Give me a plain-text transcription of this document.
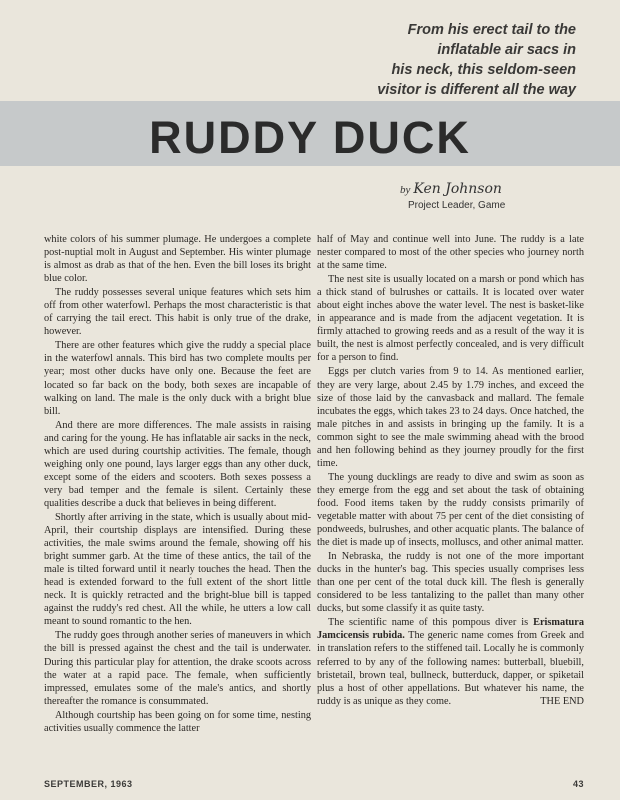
From his erect tail to the
inflatable air sacs in
his neck, this seldom-seen
visitor is different all the way
RUDDY DUCK
by Ken Johnson
Project Leader, Game

white colors of his summer plumage. He undergoes a complete post-nuptial molt in August and September. His winter plumage is almost as drab as that of the hen. Even the bill loses its bright blue color.

The ruddy possesses several unique features which sets him off from other waterfowl. Perhaps the most characteristic is that of carrying the tail erect. This habit is only true of the drake, however.

There are other features which give the ruddy a special place in the waterfowl annals. This bird has two complete moults per year; most other ducks have only one. Because the feet are located so far back on the body, both sexes are incapable of walking on land. The male is the only duck with a bright blue bill.

And there are more differences. The male assists in raising and caring for the young. He has inflatable air sacks in the neck, which are used during courtship activities. The female, though weighing only one pound, lays larger eggs than any other duck, except some of the eiders and scooters. Both sexes possess a very bad temper and the female is silent. Certainly these qualities describe a duck that believes in being different.

Shortly after arriving in the state, which is usually about mid-April, their courtship displays are intensified. During these activities, the male swims around the female, showing off his bright summer garb. At the time of these antics, the tail of the male is tilted forward until it nearly touches the head. Then the head is extended forward to the full extent of the short little neck. It is quickly retracted and the bright-blue bill is tapped against the ruddy's red chest. All the while, he utters a low call meant to sound romantic to the hen.

The ruddy goes through another series of maneuvers in which the bill is pressed against the chest and the tail is underwater. During this particular play for attention, the drake scoots across the water at a rapid pace. The female, when sufficiently impressed, emulates some of the male's antics, and shortly thereafter the romance is consummated.

Although courtship has been going on for some time, nesting activities usually commence the latter

half of May and continue well into June. The ruddy is a late nester compared to most of the other species who journey north at the same time.

The nest site is usually located on a marsh or pond which has a thick stand of bulrushes or cattails. It is located over water about eight inches above the water level. The nest is basket-like in appearance and is made from the adjacent vegetation. It is firmly attached to growing reeds and as a result of the way it is built, the nest is almost perfectly concealed, and is very difficult for a person to find.

Eggs per clutch varies from 9 to 14. As mentioned earlier, they are very large, about 2.45 by 1.79 inches, and exceed the size of those laid by the canvasback and mallard. The female incubates the eggs, which takes 23 to 24 days. Once hatched, the male pitches in and assists in bringing up the family. It is a common sight to see the male swimming ahead with the brood and hen following behind as they journey proudly for the first time.

The young ducklings are ready to dive and swim as soon as they emerge from the egg and set about the task of obtaining food. Food items taken by the ruddy consists primarily of vegetable matter with about 75 per cent of the diet consisting of pondweeds, bulrushes, and other acquatic plants. The balance of the diet is made up of insects, molluscs, and other animal matter.

In Nebraska, the ruddy is not one of the more important ducks in the hunter's bag. This species usually comprises less than one per cent of the total duck kill. The flesh is generally considered to be less tantalizing to the pallet than many other ducks, but some classify it as quite tasty.

The scientific name of this pompous diver is Erismatura Jamcicensis rubida. The generic name comes from Greek and in translation refers to the stiffened tail. Locally he is commonly referred to by any of the following names: butterball, bluebill, bristetail, brown teal, bullneck, butterduck, dapper, or spiketail plus a host of other appellations. But whatever his name, the ruddy is as unique as they come.	THE END

SEPTEMBER, 1963	43
